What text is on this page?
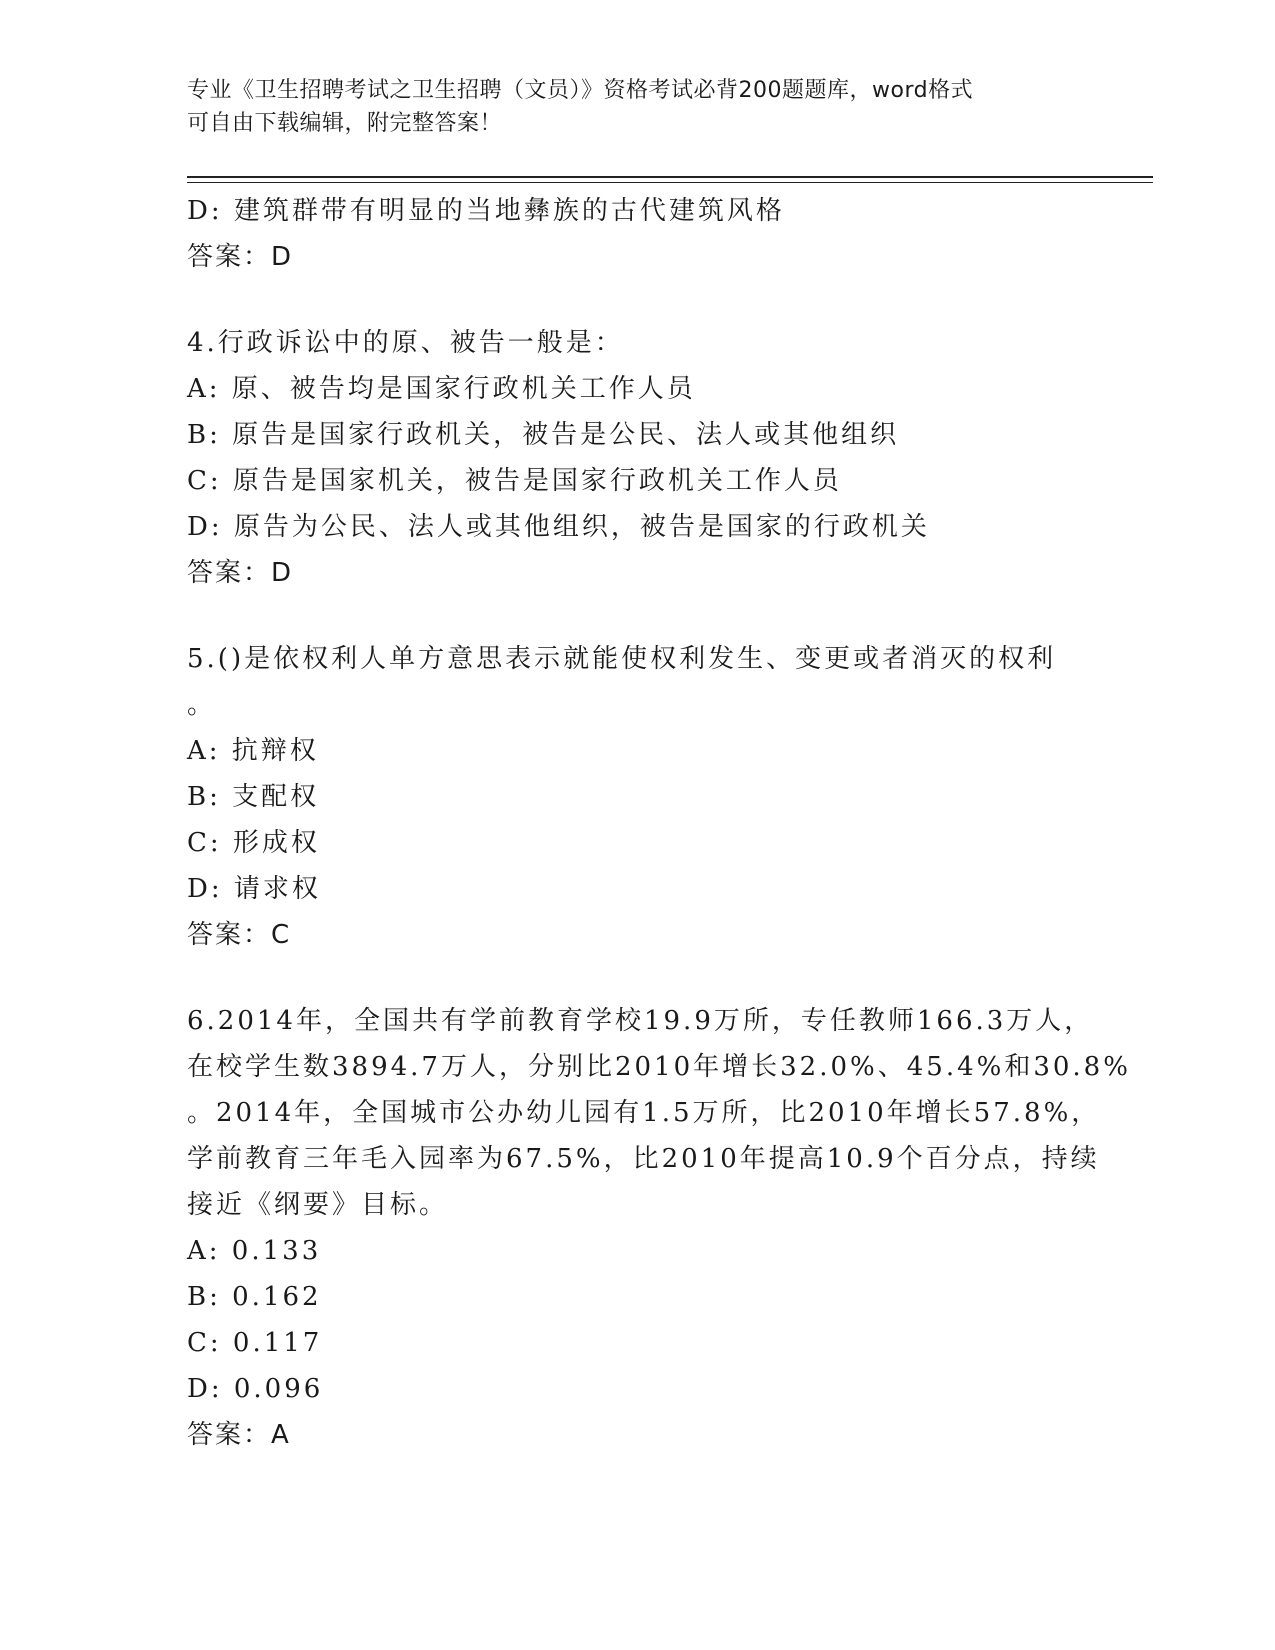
专业《卫生招聘考试之卫生招聘（文员）》资格考试必背200题题库，word格式
可自由下载编辑，附完整答案！
D: 建筑群带有明显的当地彝族的古代建筑风格
答案：D
4.行政诉讼中的原、被告一般是：
A: 原、被告均是国家行政机关工作人员
B: 原告是国家行政机关，被告是公民、法人或其他组织
C: 原告是国家机关，被告是国家行政机关工作人员
D: 原告为公民、法人或其他组织，被告是国家的行政机关
答案：D
5.()是依权利人单方意思表示就能使权利发生、变更或者消灭的权利
。
A: 抗辩权
B: 支配权
C: 形成权
D: 请求权
答案：C
6.2014年，全国共有学前教育学校19.9万所，专任教师166.3万人，
在校学生数3894.7万人，分别比2010年增长32.0%、45.4%和30.8%
。2014年，全国城市公办幼儿园有1.5万所，比2010年增长57.8%，
学前教育三年毛入园率为67.5%，比2010年提高10.9个百分点，持续
接近《纲要》目标。
A: 0.133
B: 0.162
C: 0.117
D: 0.096
答案：A
